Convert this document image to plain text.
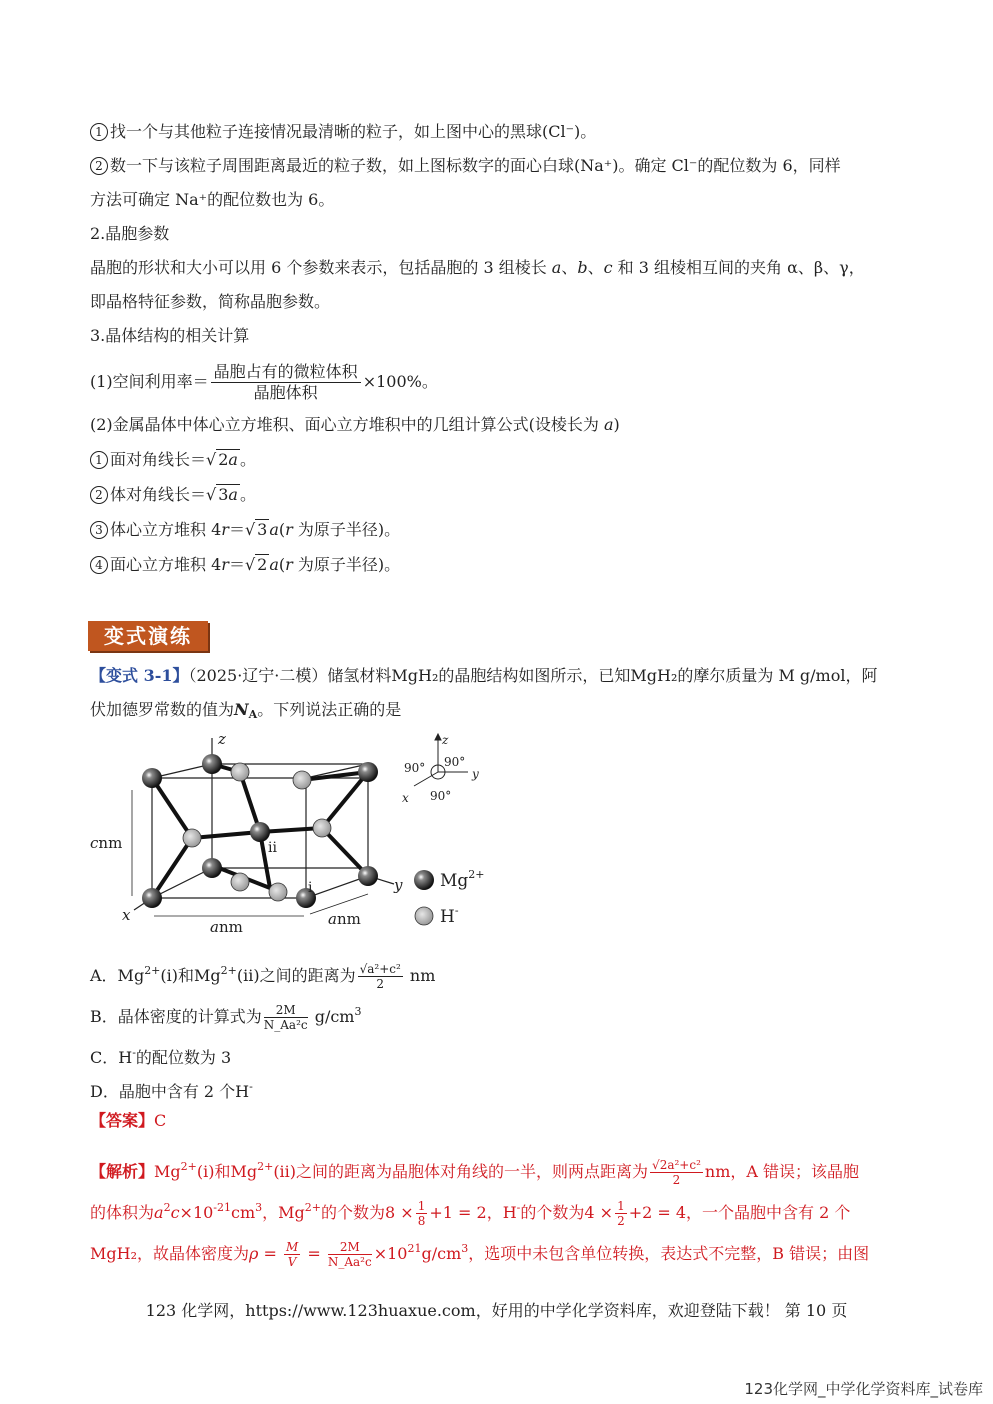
1 找一个与其他粒子连接情况最清晰的粒子，如上图中心的黑球(Cl⁻)。
2 数一下与该粒子周围距离最近的粒子数，如上图标数字的面心白球(Na⁺)。确定 Cl⁻的配位数为 6，同样
方法可确定 Na⁺的配位数也为 6。
2.晶胞参数
晶胞的形状和大小可以用 6 个参数来表示，包括晶胞的 3 组棱长 a、b、c 和 3 组棱相互间的夹角 α、β、γ，
即晶格特征参数，简称晶胞参数。
3.晶体结构的相关计算
(1)空间利用率＝ $\frac{\text{晶胞占有的微粒体积}}{\text{晶胞体积}} \times 100\%$。
(2)金属晶体中体心立方堆积、面心立方堆积中的几组计算公式(设棱长为 a)
1 面对角线长＝√ 2a 。
2 体对角线长＝√ 3a 。
3 体心立方堆积 4r＝√ 3 a(r 为原子半径)。
4 面心立方堆积 4r＝√ 2 a(r 为原子半径)。
变式演练
【变式 3-1】（2025·辽宁·二模）储氢材料MgH₂的晶胞结构如图所示，已知MgH₂的摩尔质量为 M g/mol，阿
伏加德罗常数的值为$N_A$。下列说法正确的是
z
y
x
cnm
anm	anm
i
ii
z
y
x
90° 90°
90°
$Mg^{2+}$
H-
A．$Mg^{2+}(i)$和$Mg^{2+}(ii)$之间的距离为 $\frac{\text{√a²+c²}}{2}$ nm
B．晶体密度的计算式为 $\frac{2M}{\text{N\_Aa²c}} g/cm^3$
C．H-的配位数为 3
D．晶胞中含有 2 个H-
【答案】C
【解析】$Mg^{2+}(i)$和$Mg^{2+}(ii)$之间的距离为晶胞体对角线的一半，则两点距离为 $\frac{\text{√2a²+c²}}{2}$ nm，A 错误；该晶胞
的体积为$a^2c\times 10^{-21}cm^3$，$Mg^{2+}$的个数为$8 \times \frac{1}{8} +1 = 2$，H-的个数为$4 \times \frac{1}{2} +2 = 4$，一个晶胞中含有 2 个
MgH₂，故晶体密度为$\rho = \frac{M}{V} = \frac{2M}{\text{N\_Aa²c}} \times 10^{21}g/cm^3$，选项中未包含单位转换，表达式不完整，B 错误；由图
123 化学网，https://www.123huaxue.com，好用的中学化学资料库，欢迎登陆下载！ 第 10 页
123化学网_中学化学资料库_试卷库
